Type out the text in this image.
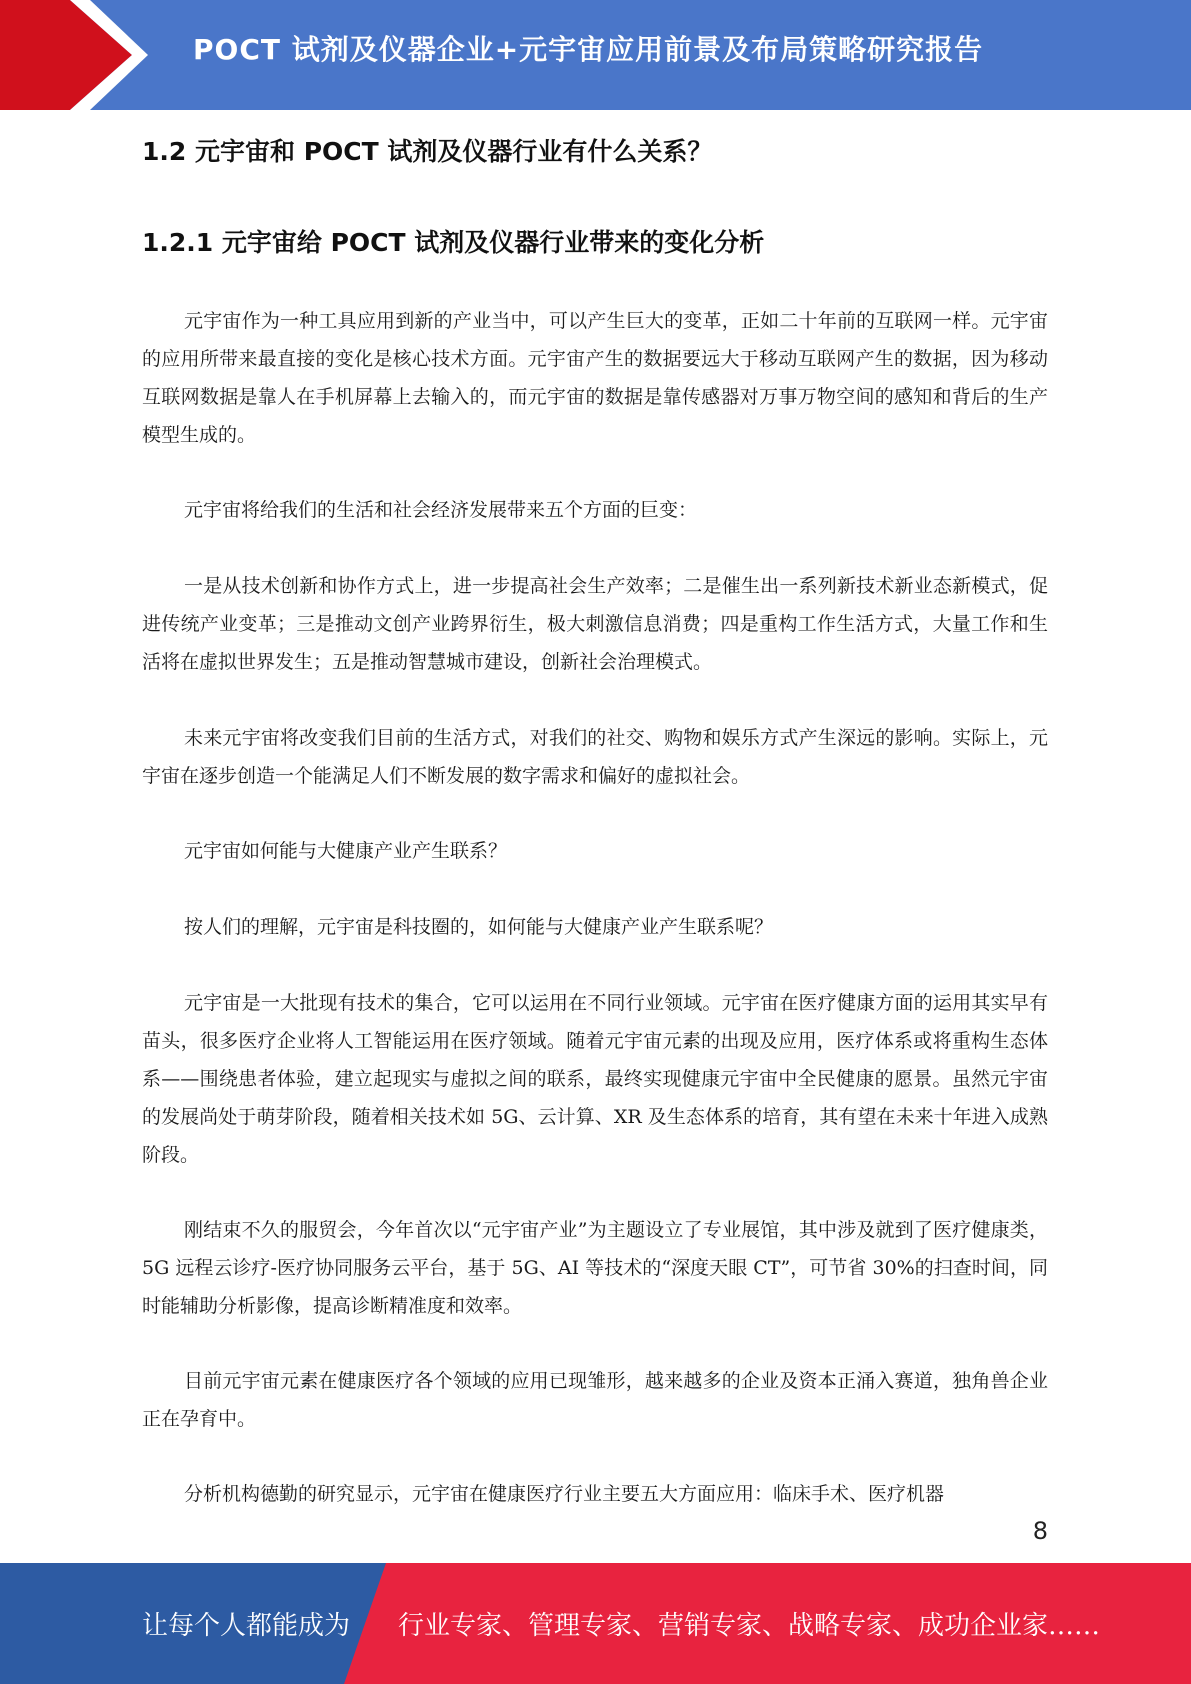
POCT 试剂及仪器企业+元宇宙应用前景及布局策略研究报告
1.2 元宇宙和 POCT 试剂及仪器行业有什么关系？
1.2.1 元宇宙给 POCT 试剂及仪器行业带来的变化分析

元宇宙作为一种工具应用到新的产业当中，可以产生巨大的变革，正如二十年前的互联网一样。元宇宙的应用所带来最直接的变化是核心技术方面。元宇宙产生的数据要远大于移动互联网产生的数据，因为移动互联网数据是靠人在手机屏幕上去输入的，而元宇宙的数据是靠传感器对万事万物空间的感知和背后的生产模型生成的。

元宇宙将给我们的生活和社会经济发展带来五个方面的巨变：

一是从技术创新和协作方式上，进一步提高社会生产效率；二是催生出一系列新技术新业态新模式，促进传统产业变革；三是推动文创产业跨界衍生，极大刺激信息消费；四是重构工作生活方式，大量工作和生活将在虚拟世界发生；五是推动智慧城市建设，创新社会治理模式。

未来元宇宙将改变我们目前的生活方式，对我们的社交、购物和娱乐方式产生深远的影响。实际上，元宇宙在逐步创造一个能满足人们不断发展的数字需求和偏好的虚拟社会。

元宇宙如何能与大健康产业产生联系？

按人们的理解，元宇宙是科技圈的，如何能与大健康产业产生联系呢？

元宇宙是一大批现有技术的集合，它可以运用在不同行业领域。元宇宙在医疗健康方面的运用其实早有苗头，很多医疗企业将人工智能运用在医疗领域。随着元宇宙元素的出现及应用，医疗体系或将重构生态体系——围绕患者体验，建立起现实与虚拟之间的联系，最终实现健康元宇宙中全民健康的愿景。虽然元宇宙的发展尚处于萌芽阶段，随着相关技术如 5G、云计算、XR 及生态体系的培育，其有望在未来十年进入成熟阶段。

刚结束不久的服贸会，今年首次以“元宇宙产业”为主题设立了专业展馆，其中涉及就到了医疗健康类，5G 远程云诊疗-医疗协同服务云平台，基于 5G、AI 等技术的“深度天眼 CT”，可节省 30%的扫查时间，同时能辅助分析影像，提高诊断精准度和效率。

目前元宇宙元素在健康医疗各个领域的应用已现雏形，越来越多的企业及资本正涌入赛道，独角兽企业正在孕育中。

分析机构德勤的研究显示，元宇宙在健康医疗行业主要五大方面应用：临床手术、医疗机器

8
让每个人都能成为 行业专家、管理专家、营销专家、战略专家、成功企业家……
